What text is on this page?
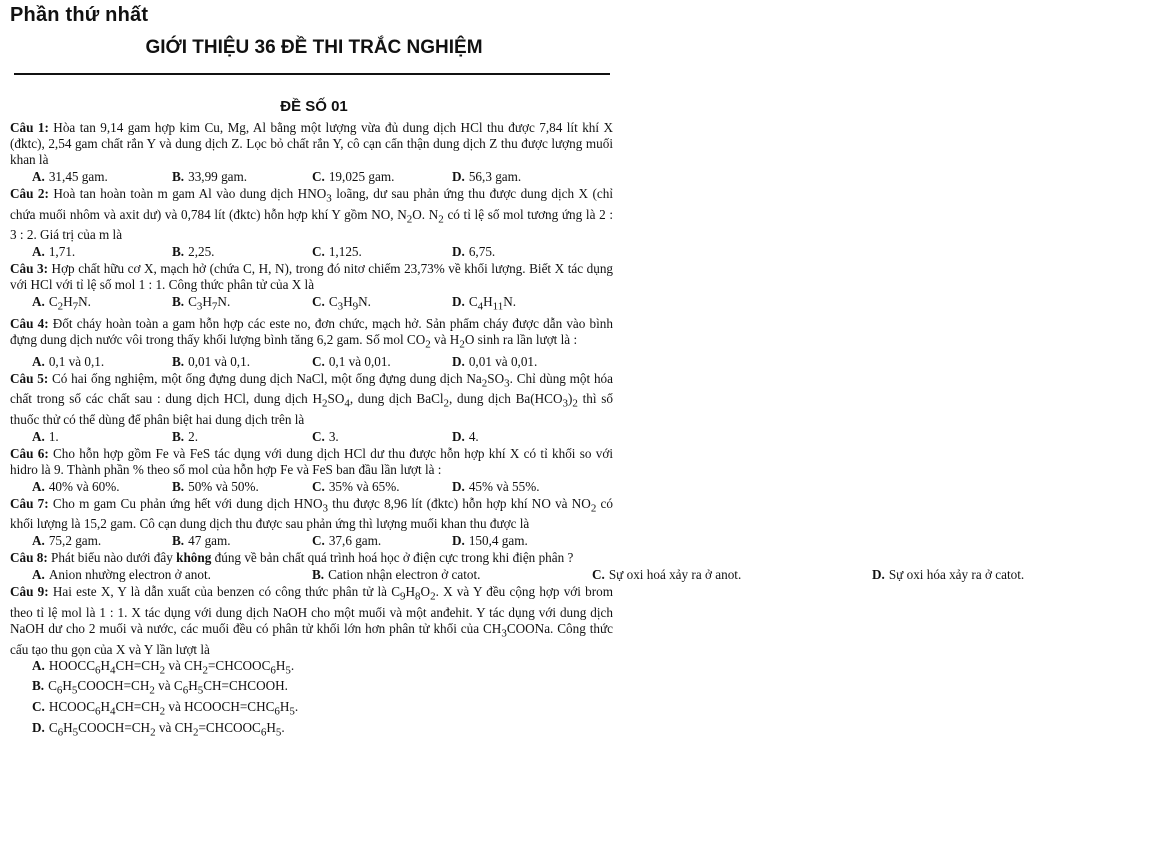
Phần thứ nhất
GIỚI THIỆU 36 ĐỀ THI TRẮC NGHIỆM
ĐỀ SỐ 01

Câu 1: Hòa tan 9,14 gam hợp kim Cu, Mg, Al bằng một lượng vừa đủ dung dịch HCl thu được 7,84 lít khí X (đktc), 2,54 gam chất rắn Y và dung dịch Z. Lọc bỏ chất rắn Y, cô cạn cẩn thận dung dịch Z thu được lượng muối khan là

A. 31,45 gam.	B. 33,99 gam.	C. 19,025 gam.	D. 56,3 gam.

Câu 2: Hoà tan hoàn toàn m gam Al vào dung dịch $HNO_3$ loãng, dư sau phản ứng thu được dung dịch X (chỉ chứa muối nhôm và axit dư) và 0,784 lít (đktc) hỗn hợp khí Y gồm NO, $N_2O$. $N_2$ có tỉ lệ số mol tương ứng là 2 : 3 : 2. Giá trị của m là

A. 1,71.	B. 2,25.	C. 1,125.	D. 6,75.

Câu 3: Hợp chất hữu cơ X, mạch hở (chứa C, H, N), trong đó nitơ chiếm 23,73% về khối lượng. Biết X tác dụng với HCl với tỉ lệ số mol 1 : 1. Công thức phân tử của X là

A. $C_2H_7N$.	B. $C_3H_7N$.	C. $C_3H_9N$.	D. $C_4H_{11}N$.

Câu 4: Đốt cháy hoàn toàn a gam hỗn hợp các este no, đơn chức, mạch hở. Sản phẩm cháy được dẫn vào bình đựng dung dịch nước vôi trong thấy khối lượng bình tăng 6,2 gam. Số mol $CO_2$ và $H_2O$ sinh ra lần lượt là :

A. 0,1 và 0,1.	B. 0,01 và 0,1.	C. 0,1 và 0,01.	D. 0,01 và 0,01.

Câu 5: Có hai ống nghiệm, một ống đựng dung dịch NaCl, một ống đựng dung dịch $Na_2SO_3$. Chỉ dùng một hóa chất trong số các chất sau : dung dịch HCl, dung dịch $H_2SO_4$, dung dịch BaCl$_2$, dung dịch $Ba(HCO_3)_2$ thì số thuốc thử có thể dùng để phân biệt hai dung dịch trên là

A. 1.	B. 2.	C. 3.	D. 4.

Câu 6: Cho hỗn hợp gồm Fe và FeS tác dụng với dung dịch HCl dư thu được hỗn hợp khí X có tỉ khối so với hidro là 9. Thành phần % theo số mol của hỗn hợp Fe và FeS ban đầu lần lượt là :

A. 40% và 60%.	B. 50% và 50%.	C. 35% và 65%.	D. 45% và 55%.

Câu 7: Cho m gam Cu phản ứng hết với dung dịch $HNO_3$ thu được 8,96 lít (đktc) hỗn hợp khí NO và $NO_2$ có khối lượng là 15,2 gam. Cô cạn dung dịch thu được sau phản ứng thì lượng muối khan thu được là

A. 75,2 gam.	B. 47 gam.	C. 37,6 gam.	D. 150,4 gam.

Câu 8: Phát biểu nào dưới đây không đúng về bản chất quá trình hoá học ở điện cực trong khi điện phân ?

A. Anion nhường electron ở anot.	B. Cation nhận electron ở catot.	C. Sự oxi hoá xảy ra ở anot.	D. Sự oxi hóa xảy ra ở catot.

Câu 9: Hai este X, Y là dẫn xuất của benzen có công thức phân tử là $C_9H_8O_2$. X và Y đều cộng hợp với brom theo tỉ lệ mol là 1 : 1. X tác dụng với dung dịch NaOH cho một muối và một anđehit. Y tác dụng với dung dịch NaOH dư cho 2 muối và nước, các muối đều có phân tử khối lớn hơn phân tử khối của $CH_3COONa$. Công thức cấu tạo thu gọn của X và Y lần lượt là

A. $HOOCC_6H_4CH=CH_2$ và $CH_2=CHCOOC_6H_5$.
B. $C_6H_5COOCH=CH_2$ và $C_6H_5CH=CHCOOH$.
C. $HCOOC_6H_4CH=CH_2$ và $HCOOCH=CHC_6H_5$.
D. $C_6H_5COOCH=CH_2$ và $CH_2=CHCOOC_6H_5$.
